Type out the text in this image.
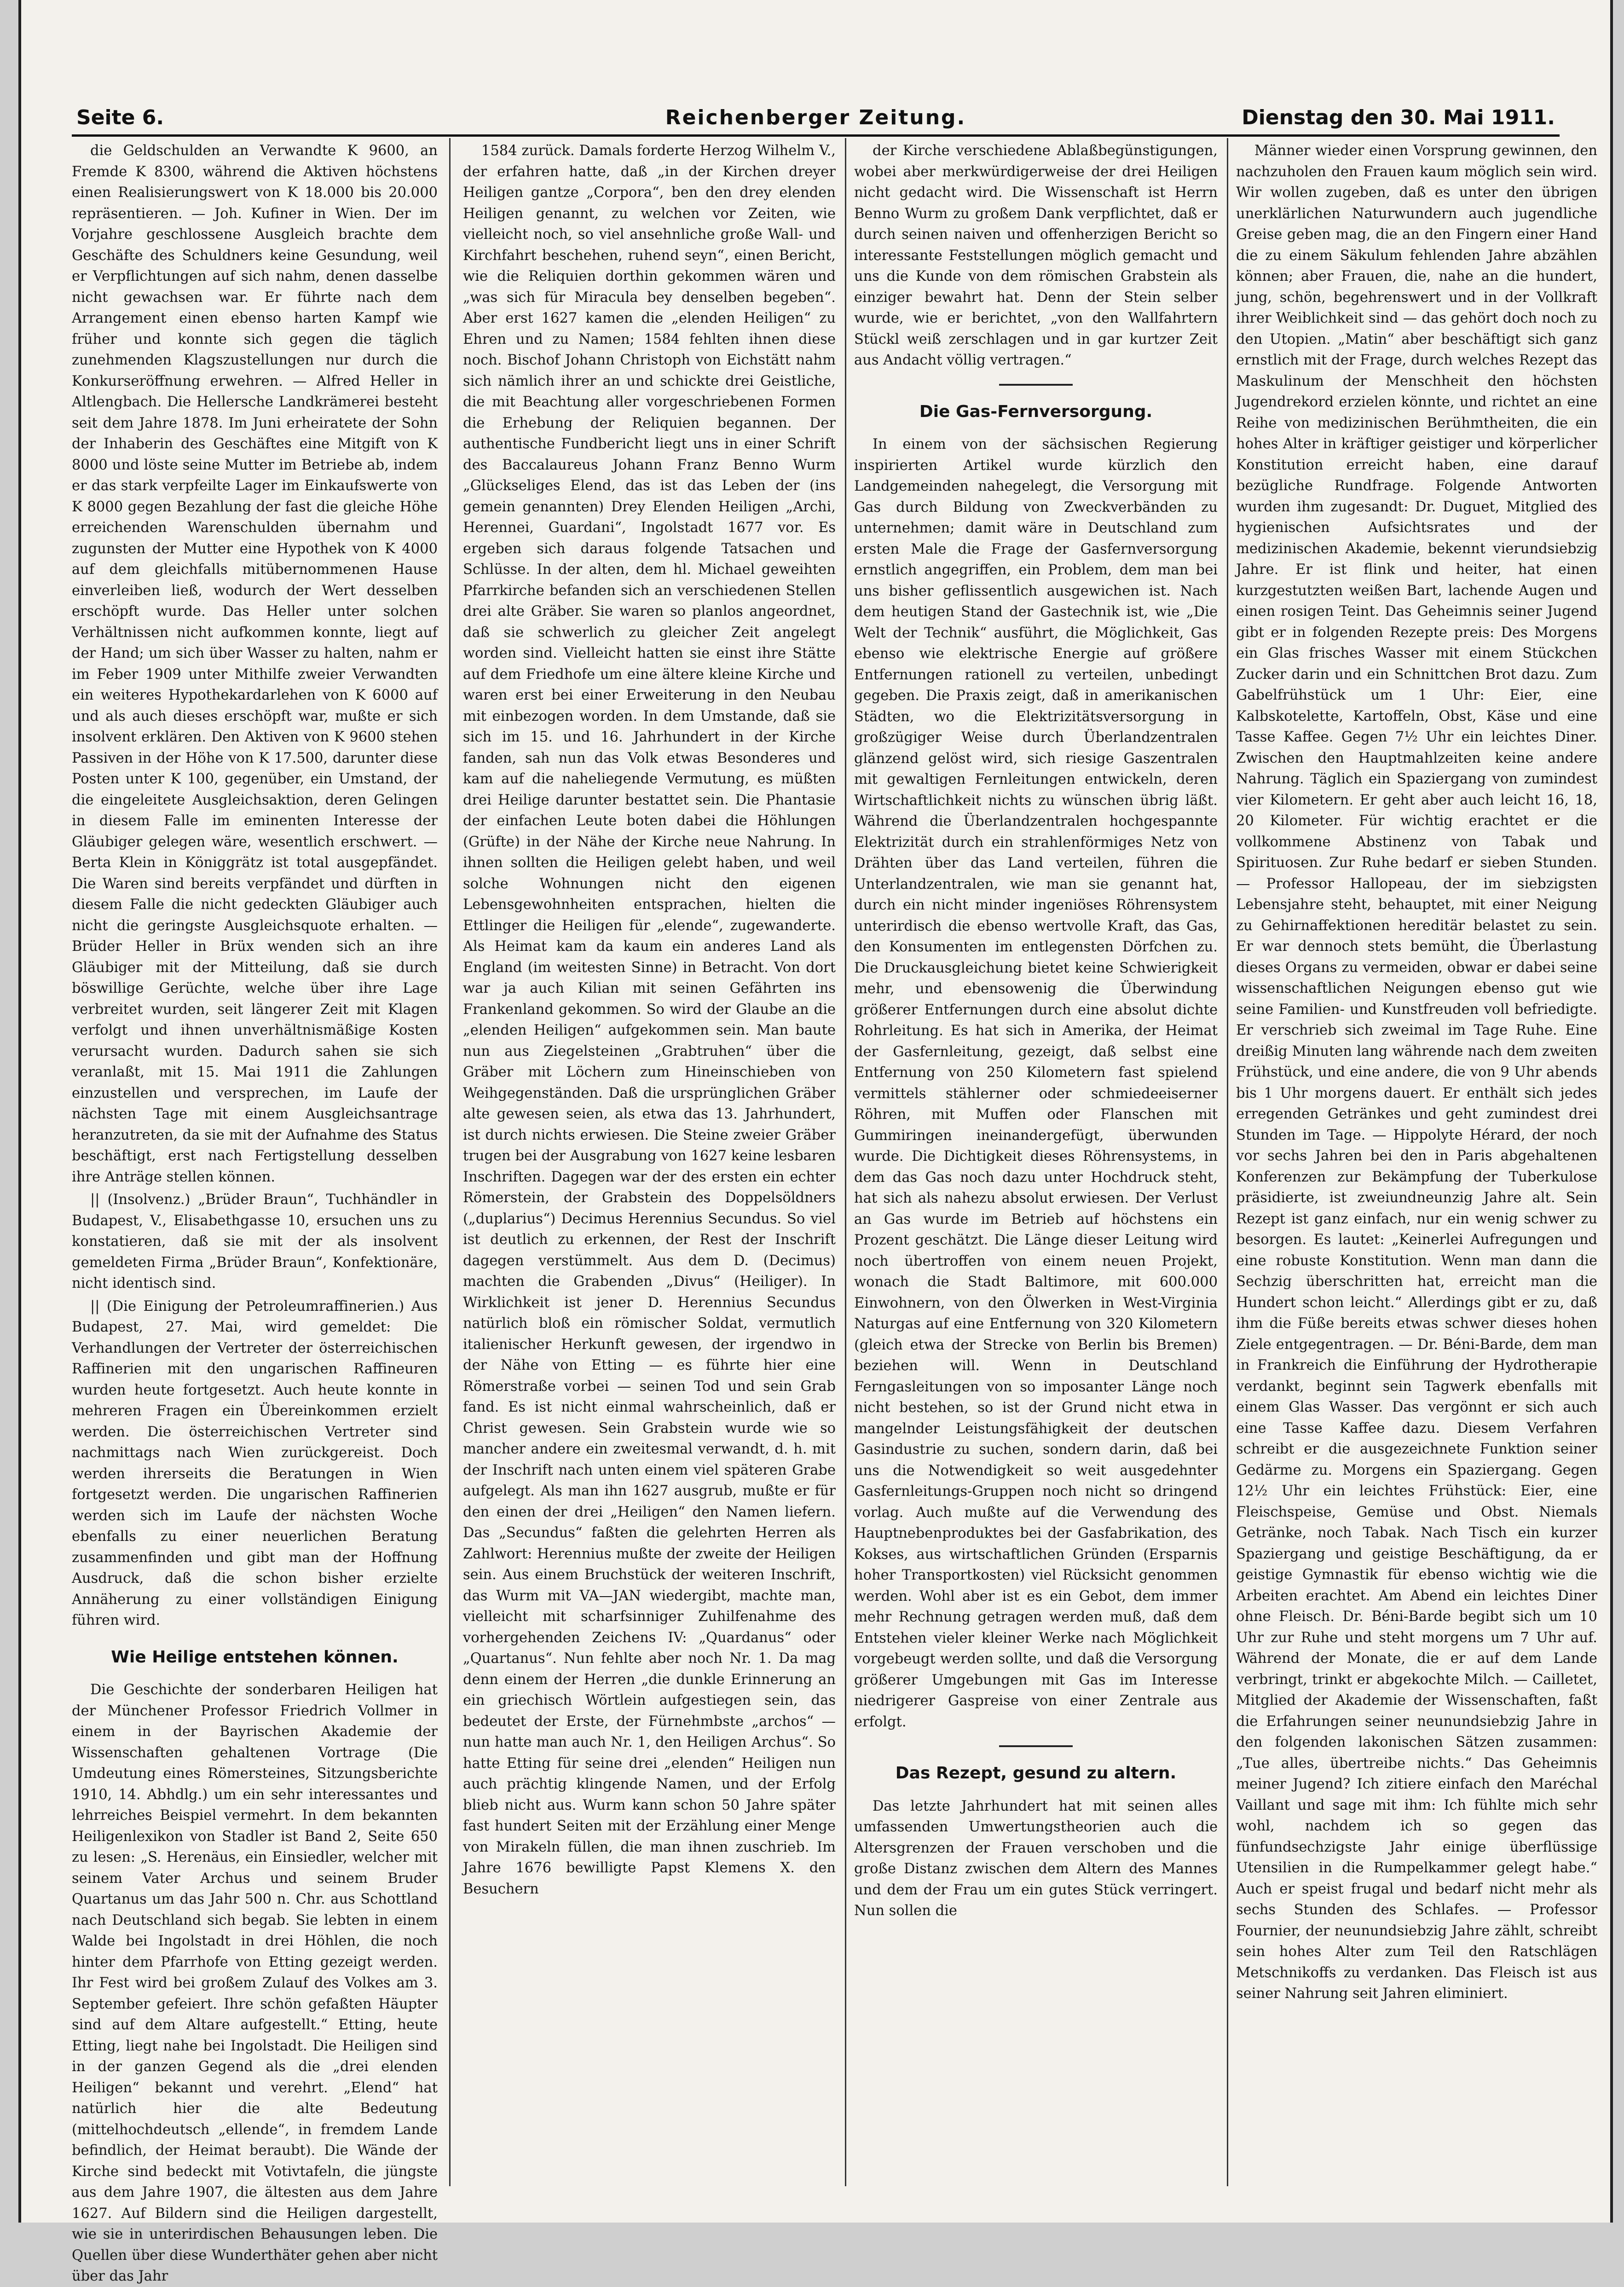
Seite 6.	Reichenberger Zeitung.	Dienstag den 30. Mai 1911.

die Geldschulden an Verwandte K 9600, an Fremde K 8300, während die Aktiven höchstens einen Realisierungswert von K 18.000 bis 20.000 repräsentieren. — Joh. Kufiner in Wien. Der im Vorjahre geschlossene Ausgleich brachte dem Geschäfte des Schuldners keine Gesundung, weil er Verpflichtungen auf sich nahm, denen dasselbe nicht gewachsen war. Er führte nach dem Arrangement einen ebenso harten Kampf wie früher und konnte sich gegen die täglich zunehmenden Klagszustellungen nur durch die Konkurseröffnung erwehren. — Alfred Heller in Altlengbach. Die Hellersche Landkrämerei besteht seit dem Jahre 1878. Im Juni erheiratete der Sohn der Inhaberin des Geschäftes eine Mitgift von K 8000 und löste seine Mutter im Betriebe ab, indem er das stark verpfeilte Lager im Einkaufswerte von K 8000 gegen Bezahlung der fast die gleiche Höhe erreichenden Warenschulden übernahm und zugunsten der Mutter eine Hypothek von K 4000 auf dem gleichfalls mitübernommenen Hause einverleiben ließ, wodurch der Wert desselben erschöpft wurde. Das Heller unter solchen Verhältnissen nicht aufkommen konnte, liegt auf der Hand; um sich über Wasser zu halten, nahm er im Feber 1909 unter Mithilfe zweier Verwandten ein weiteres Hypothekardarlehen von K 6000 auf und als auch dieses erschöpft war, mußte er sich insolvent erklären. Den Aktiven von K 9600 stehen Passiven in der Höhe von K 17.500, darunter diese Posten unter K 100, gegenüber, ein Umstand, der die eingeleitete Ausgleichsaktion, deren Gelingen in diesem Falle im eminenten Interesse der Gläubiger gelegen wäre, wesentlich erschwert. — Berta Klein in Königgrätz ist total ausgepfändet. Die Waren sind bereits verpfändet und dürften in diesem Falle die nicht gedeckten Gläubiger auch nicht die geringste Ausgleichsquote erhalten. — Brüder Heller in Brüx wenden sich an ihre Gläubiger mit der Mitteilung, daß sie durch böswillige Gerüchte, welche über ihre Lage verbreitet wurden, seit längerer Zeit mit Klagen verfolgt und ihnen unverhältnismäßige Kosten verursacht wurden. Dadurch sahen sie sich veranlaßt, mit 15. Mai 1911 die Zahlungen einzustellen und versprechen, im Laufe der nächsten Tage mit einem Ausgleichsantrage heranzutreten, da sie mit der Aufnahme des Status beschäftigt, erst nach Fertigstellung desselben ihre Anträge stellen können.

|| (Insolvenz.) „Brüder Braun“, Tuchhändler in Budapest, V., Elisabethgasse 10, ersuchen uns zu konstatieren, daß sie mit der als insolvent gemeldeten Firma „Brüder Braun“, Konfektionäre, nicht identisch sind.

|| (Die Einigung der Petroleumraffinerien.) Aus Budapest, 27. Mai, wird gemeldet: Die Verhandlungen der Vertreter der österreichischen Raffinerien mit den ungarischen Raffineuren wurden heute fortgesetzt. Auch heute konnte in mehreren Fragen ein Übereinkommen erzielt werden. Die österreichischen Vertreter sind nachmittags nach Wien zurückgereist. Doch werden ihrerseits die Beratungen in Wien fortgesetzt werden. Die ungarischen Raffinerien werden sich im Laufe der nächsten Woche ebenfalls zu einer neuerlichen Beratung zusammenfinden und gibt man der Hoffnung Ausdruck, daß die schon bisher erzielte Annäherung zu einer vollständigen Einigung führen wird.

Wie Heilige entstehen können.

Die Geschichte der sonderbaren Heiligen hat der Münchener Professor Friedrich Vollmer in einem in der Bayrischen Akademie der Wissenschaften gehaltenen Vortrage (Die Umdeutung eines Römersteines, Sitzungsberichte 1910, 14. Abhdlg.) um ein sehr interessantes und lehrreiches Beispiel vermehrt. In dem bekannten Heiligenlexikon von Stadler ist Band 2, Seite 650 zu lesen: „S. Herenäus, ein Einsiedler, welcher mit seinem Vater Archus und seinem Bruder Quartanus um das Jahr 500 n. Chr. aus Schottland nach Deutschland sich begab. Sie lebten in einem Walde bei Ingolstadt in drei Höhlen, die noch hinter dem Pfarrhofe von Etting gezeigt werden. Ihr Fest wird bei großem Zulauf des Volkes am 3. September gefeiert. Ihre schön gefaßten Häupter sind auf dem Altare aufgestellt.“ Etting, heute Etting, liegt nahe bei Ingolstadt. Die Heiligen sind in der ganzen Gegend als die „drei elenden Heiligen“ bekannt und verehrt. „Elend“ hat natürlich hier die alte Bedeutung (mittelhochdeutsch „ellende“, in fremdem Lande befindlich, der Heimat beraubt). Die Wände der Kirche sind bedeckt mit Votivtafeln, die jüngste aus dem Jahre 1907, die ältesten aus dem Jahre 1627. Auf Bildern sind die Heiligen dargestellt, wie sie in unterirdischen Behausungen leben. Die Quellen über diese Wunderthäter gehen aber nicht über das Jahr

1584 zurück. Damals forderte Herzog Wilhelm V., der erfahren hatte, daß „in der Kirchen dreyer Heiligen gantze „Corpora“, ben den drey elenden Heiligen genannt, zu welchen vor Zeiten, wie vielleicht noch, so viel ansehnliche große Wall- und Kirchfahrt beschehen, ruhend seyn“, einen Bericht, wie die Reliquien dorthin gekommen wären und „was sich für Miracula bey denselben begeben“. Aber erst 1627 kamen die „elenden Heiligen“ zu Ehren und zu Namen; 1584 fehlten ihnen diese noch. Bischof Johann Christoph von Eichstätt nahm sich nämlich ihrer an und schickte drei Geistliche, die mit Beachtung aller vorgeschriebenen Formen die Erhebung der Reliquien begannen. Der authentische Fundbericht liegt uns in einer Schrift des Baccalaureus Johann Franz Benno Wurm „Glückseliges Elend, das ist das Leben der (ins gemein genannten) Drey Elenden Heiligen „Archi, Herennei, Guardani“, Ingolstadt 1677 vor. Es ergeben sich daraus folgende Tatsachen und Schlüsse. In der alten, dem hl. Michael geweihten Pfarrkirche befanden sich an verschiedenen Stellen drei alte Gräber. Sie waren so planlos angeordnet, daß sie schwerlich zu gleicher Zeit angelegt worden sind. Vielleicht hatten sie einst ihre Stätte auf dem Friedhofe um eine ältere kleine Kirche und waren erst bei einer Erweiterung in den Neubau mit einbezogen worden. In dem Umstande, daß sie sich im 15. und 16. Jahrhundert in der Kirche fanden, sah nun das Volk etwas Besonderes und kam auf die naheliegende Vermutung, es müßten drei Heilige darunter bestattet sein. Die Phantasie der einfachen Leute boten dabei die Höhlungen (Grüfte) in der Nähe der Kirche neue Nahrung. In ihnen sollten die Heiligen gelebt haben, und weil solche Wohnungen nicht den eigenen Lebensgewohnheiten entsprachen, hielten die Ettlinger die Heiligen für „elende“, zugewanderte. Als Heimat kam da kaum ein anderes Land als England (im weitesten Sinne) in Betracht. Von dort war ja auch Kilian mit seinen Gefährten ins Frankenland gekommen. So wird der Glaube an die „elenden Heiligen“ aufgekommen sein. Man baute nun aus Ziegelsteinen „Grabtruhen“ über die Gräber mit Löchern zum Hineinschieben von Weihgegenständen. Daß die ursprünglichen Gräber alte gewesen seien, als etwa das 13. Jahrhundert, ist durch nichts erwiesen. Die Steine zweier Gräber trugen bei der Ausgrabung von 1627 keine lesbaren Inschriften. Dagegen war der des ersten ein echter Römerstein, der Grabstein des Doppelsöldners („duplarius“) Decimus Herennius Secundus. So viel ist deutlich zu erkennen, der Rest der Inschrift dagegen verstümmelt. Aus dem D. (Decimus) machten die Grabenden „Divus“ (Heiliger). In Wirklichkeit ist jener D. Herennius Secundus natürlich bloß ein römischer Soldat, vermutlich italienischer Herkunft gewesen, der irgendwo in der Nähe von Etting — es führte hier eine Römerstraße vorbei — seinen Tod und sein Grab fand. Es ist nicht einmal wahrscheinlich, daß er Christ gewesen. Sein Grabstein wurde wie so mancher andere ein zweitesmal verwandt, d. h. mit der Inschrift nach unten einem viel späteren Grabe aufgelegt. Als man ihn 1627 ausgrub, mußte er für den einen der drei „Heiligen“ den Namen liefern. Das „Secundus“ faßten die gelehrten Herren als Zahlwort: Herennius mußte der zweite der Heiligen sein. Aus einem Bruchstück der weiteren Inschrift, das Wurm mit VA—JAN wiedergibt, machte man, vielleicht mit scharfsinniger Zuhilfenahme des vorhergehenden Zeichens IV: „Quardanus“ oder „Quartanus“. Nun fehlte aber noch Nr. 1. Da mag denn einem der Herren „die dunkle Erinnerung an ein griechisch Wörtlein aufgestiegen sein, das bedeutet der Erste, der Fürnehmbste „archos“ — nun hatte man auch Nr. 1, den Heiligen Archus“. So hatte Etting für seine drei „elenden“ Heiligen nun auch prächtig klingende Namen, und der Erfolg blieb nicht aus. Wurm kann schon 50 Jahre später fast hundert Seiten mit der Erzählung einer Menge von Mirakeln füllen, die man ihnen zuschrieb. Im Jahre 1676 bewilligte Papst Klemens X. den Besuchern

der Kirche verschiedene Ablaßbegünstigungen, wobei aber merkwürdigerweise der drei Heiligen nicht gedacht wird. Die Wissenschaft ist Herrn Benno Wurm zu großem Dank verpflichtet, daß er durch seinen naiven und offenherzigen Bericht so interessante Feststellungen möglich gemacht und uns die Kunde von dem römischen Grabstein als einziger bewahrt hat. Denn der Stein selber wurde, wie er berichtet, „von den Wallfahrtern Stückl weiß zerschlagen und in gar kurtzer Zeit aus Andacht völlig vertragen.“

Die Gas-Fernversorgung.

In einem von der sächsischen Regierung inspirierten Artikel wurde kürzlich den Landgemeinden nahegelegt, die Versorgung mit Gas durch Bildung von Zweckverbänden zu unternehmen; damit wäre in Deutschland zum ersten Male die Frage der Gasfernversorgung ernstlich angegriffen, ein Problem, dem man bei uns bisher geflissentlich ausgewichen ist. Nach dem heutigen Stand der Gastechnik ist, wie „Die Welt der Technik“ ausführt, die Möglichkeit, Gas ebenso wie elektrische Energie auf größere Entfernungen rationell zu verteilen, unbedingt gegeben. Die Praxis zeigt, daß in amerikanischen Städten, wo die Elektrizitätsversorgung in großzügiger Weise durch Überlandzentralen glänzend gelöst wird, sich riesige Gaszentralen mit gewaltigen Fernleitungen entwickeln, deren Wirtschaftlichkeit nichts zu wünschen übrig läßt. Während die Überlandzentralen hochgespannte Elektrizität durch ein strahlenförmiges Netz von Drähten über das Land verteilen, führen die Unterlandzentralen, wie man sie genannt hat, durch ein nicht minder ingeniöses Röhrensystem unterirdisch die ebenso wertvolle Kraft, das Gas, den Konsumenten im entlegensten Dörfchen zu. Die Druckausgleichung bietet keine Schwierigkeit mehr, und ebensowenig die Überwindung größerer Entfernungen durch eine absolut dichte Rohrleitung. Es hat sich in Amerika, der Heimat der Gasfernleitung, gezeigt, daß selbst eine Entfernung von 250 Kilometern fast spielend vermittels stählerner oder schmiedeeiserner Röhren, mit Muffen oder Flanschen mit Gummiringen ineinandergefügt, überwunden wurde. Die Dichtigkeit dieses Röhrensystems, in dem das Gas noch dazu unter Hochdruck steht, hat sich als nahezu absolut erwiesen. Der Verlust an Gas wurde im Betrieb auf höchstens ein Prozent geschätzt. Die Länge dieser Leitung wird noch übertroffen von einem neuen Projekt, wonach die Stadt Baltimore, mit 600.000 Einwohnern, von den Ölwerken in West-Virginia Naturgas auf eine Entfernung von 320 Kilometern (gleich etwa der Strecke von Berlin bis Bremen) beziehen will. Wenn in Deutschland Ferngasleitungen von so imposanter Länge noch nicht bestehen, so ist der Grund nicht etwa in mangelnder Leistungsfähigkeit der deutschen Gasindustrie zu suchen, sondern darin, daß bei uns die Notwendigkeit so weit ausgedehnter Gasfernleitungs-Gruppen noch nicht so dringend vorlag. Auch mußte auf die Verwendung des Hauptnebenproduktes bei der Gasfabrikation, des Kokses, aus wirtschaftlichen Gründen (Ersparnis hoher Transportkosten) viel Rücksicht genommen werden. Wohl aber ist es ein Gebot, dem immer mehr Rechnung getragen werden muß, daß dem Entstehen vieler kleiner Werke nach Möglichkeit vorgebeugt werden sollte, und daß die Versorgung größerer Umgebungen mit Gas im Interesse niedrigerer Gaspreise von einer Zentrale aus erfolgt.

Das Rezept, gesund zu altern.

Das letzte Jahrhundert hat mit seinen alles umfassenden Umwertungstheorien auch die Altersgrenzen der Frauen verschoben und die große Distanz zwischen dem Altern des Mannes und dem der Frau um ein gutes Stück verringert. Nun sollen die

Männer wieder einen Vorsprung gewinnen, den nachzuholen den Frauen kaum möglich sein wird. Wir wollen zugeben, daß es unter den übrigen unerklärlichen Naturwundern auch jugendliche Greise geben mag, die an den Fingern einer Hand die zu einem Säkulum fehlenden Jahre abzählen können; aber Frauen, die, nahe an die hundert, jung, schön, begehrenswert und in der Vollkraft ihrer Weiblichkeit sind — das gehört doch noch zu den Utopien. „Matin“ aber beschäftigt sich ganz ernstlich mit der Frage, durch welches Rezept das Maskulinum der Menschheit den höchsten Jugendrekord erzielen könnte, und richtet an eine Reihe von medizinischen Berühmtheiten, die ein hohes Alter in kräftiger geistiger und körperlicher Konstitution erreicht haben, eine darauf bezügliche Rundfrage. Folgende Antworten wurden ihm zugesandt: Dr. Duguet, Mitglied des hygienischen Aufsichtsrates und der medizinischen Akademie, bekennt vierundsiebzig Jahre. Er ist flink und heiter, hat einen kurzgestutzten weißen Bart, lachende Augen und einen rosigen Teint. Das Geheimnis seiner Jugend gibt er in folgenden Rezepte preis: Des Morgens ein Glas frisches Wasser mit einem Stückchen Zucker darin und ein Schnittchen Brot dazu. Zum Gabelfrühstück um 1 Uhr: Eier, eine Kalbskotelette, Kartoffeln, Obst, Käse und eine Tasse Kaffee. Gegen 7½ Uhr ein leichtes Diner. Zwischen den Hauptmahlzeiten keine andere Nahrung. Täglich ein Spaziergang von zumindest vier Kilometern. Er geht aber auch leicht 16, 18, 20 Kilometer. Für wichtig erachtet er die vollkommene Abstinenz von Tabak und Spirituosen. Zur Ruhe bedarf er sieben Stunden. — Professor Hallopeau, der im siebzigsten Lebensjahre steht, behauptet, mit einer Neigung zu Gehirnaffektionen hereditär belastet zu sein. Er war dennoch stets bemüht, die Überlastung dieses Organs zu vermeiden, obwar er dabei seine wissenschaftlichen Neigungen ebenso gut wie seine Familien- und Kunstfreuden voll befriedigte. Er verschrieb sich zweimal im Tage Ruhe. Eine dreißig Minuten lang währende nach dem zweiten Frühstück, und eine andere, die von 9 Uhr abends bis 1 Uhr morgens dauert. Er enthält sich jedes erregenden Getränkes und geht zumindest drei Stunden im Tage. — Hippolyte Hérard, der noch vor sechs Jahren bei den in Paris abgehaltenen Konferenzen zur Bekämpfung der Tuberkulose präsidierte, ist zweiundneunzig Jahre alt. Sein Rezept ist ganz einfach, nur ein wenig schwer zu besorgen. Es lautet: „Keinerlei Aufregungen und eine robuste Konstitution. Wenn man dann die Sechzig überschritten hat, erreicht man die Hundert schon leicht.“ Allerdings gibt er zu, daß ihm die Füße bereits etwas schwer dieses hohen Ziele entgegentragen. — Dr. Béni-Barde, dem man in Frankreich die Einführung der Hydrotherapie verdankt, beginnt sein Tagwerk ebenfalls mit einem Glas Wasser. Das vergönnt er sich auch eine Tasse Kaffee dazu. Diesem Verfahren schreibt er die ausgezeichnete Funktion seiner Gedärme zu. Morgens ein Spaziergang. Gegen 12½ Uhr ein leichtes Frühstück: Eier, eine Fleischspeise, Gemüse und Obst. Niemals Getränke, noch Tabak. Nach Tisch ein kurzer Spaziergang und geistige Beschäftigung, da er geistige Gymnastik für ebenso wichtig wie die Arbeiten erachtet. Am Abend ein leichtes Diner ohne Fleisch. Dr. Béni-Barde begibt sich um 10 Uhr zur Ruhe und steht morgens um 7 Uhr auf. Während der Monate, die er auf dem Lande verbringt, trinkt er abgekochte Milch. — Cailletet, Mitglied der Akademie der Wissenschaften, faßt die Erfahrungen seiner neunundsiebzig Jahre in den folgenden lakonischen Sätzen zusammen: „Tue alles, übertreibe nichts.“ Das Geheimnis meiner Jugend? Ich zitiere einfach den Maréchal Vaillant und sage mit ihm: Ich fühlte mich sehr wohl, nachdem ich so gegen das fünfundsechzigste Jahr einige überflüssige Utensilien in die Rumpelkammer gelegt habe.“ Auch er speist frugal und bedarf nicht mehr als sechs Stunden des Schlafes. — Professor Fournier, der neunundsiebzig Jahre zählt, schreibt sein hohes Alter zum Teil den Ratschlägen Metschnikoffs zu verdanken. Das Fleisch ist aus seiner Nahrung seit Jahren eliminiert.
